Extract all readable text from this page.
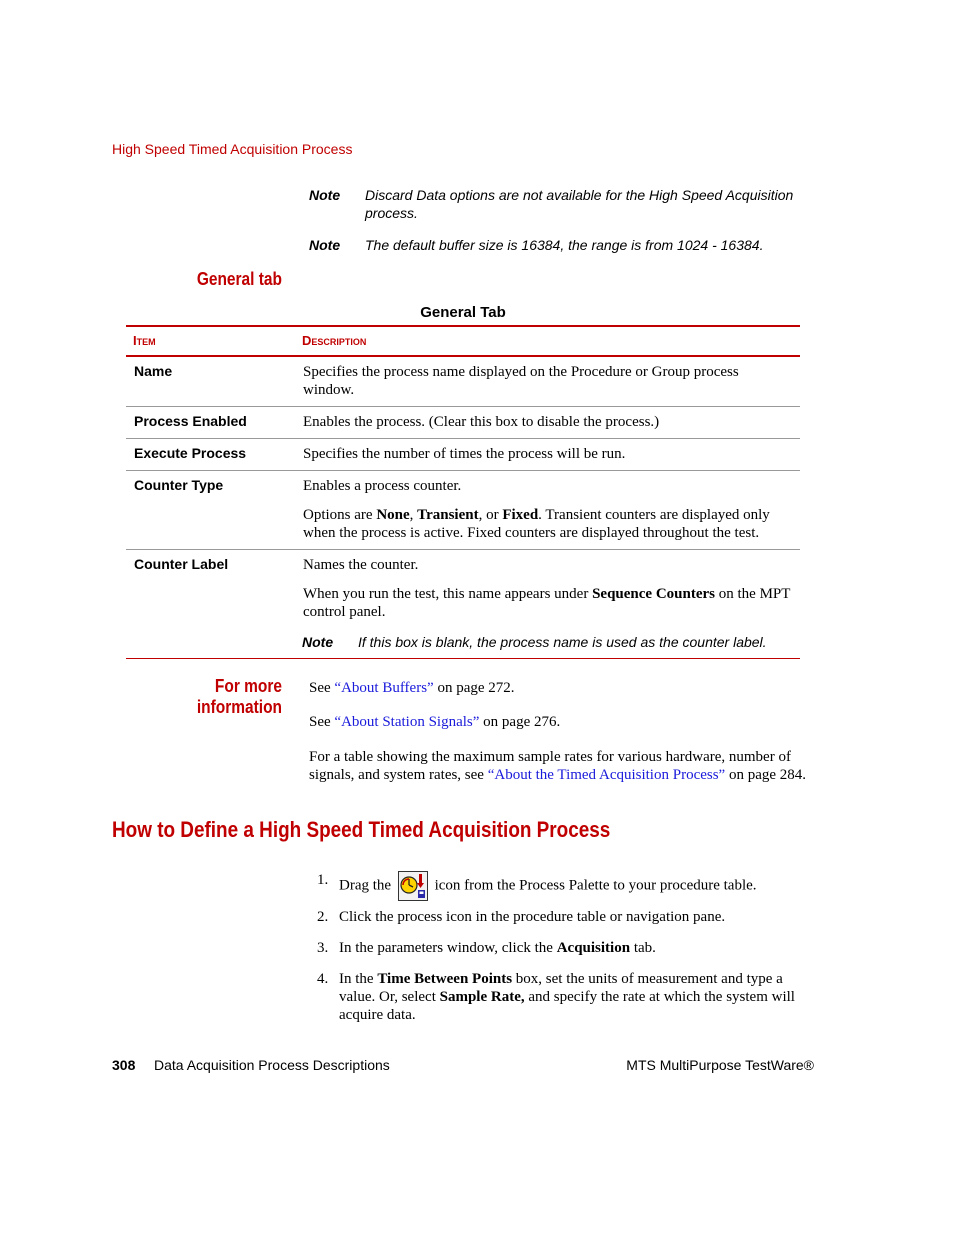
High Speed Timed Acquisition Process
Note Discard Data options are not available for the High Speed Acquisition process.
Note The default buffer size is 16384, the range is from 1024 - 16384.
General tab
General Tab
Item	Description
Name	Specifies the process name displayed on the Procedure or Group process window.
Process Enabled	Enables the process. (Clear this box to disable the process.)
Execute Process	Specifies the number of times the process will be run.
Counter Type	Enables a process counter.

Options are None, Transient, or Fixed. Transient counters are displayed only when the process is active. Fixed counters are displayed throughout the test.

Counter Label	Names the counter.

When you run the test, this name appears under Sequence Counters on the MPT control panel.

Note If this box is blank, the process name is used as the counter label.
For more information
See “About Buffers” on page 272.
See “About Station Signals” on page 276.
For a table showing the maximum sample rates for various hardware, number of signals, and system rates, see “About the Timed Acquisition Process” on page 284.
How to Define a High Speed Timed Acquisition Process
1. Drag the  icon from the Process Palette to your procedure table.
2. Click the process icon in the procedure table or navigation pane.
3. In the parameters window, click the Acquisition tab.
4. In the Time Between Points box, set the units of measurement and type a value. Or, select Sample Rate, and specify the rate at which the system will acquire data.
308 Data Acquisition Process Descriptions	MTS MultiPurpose TestWare®
